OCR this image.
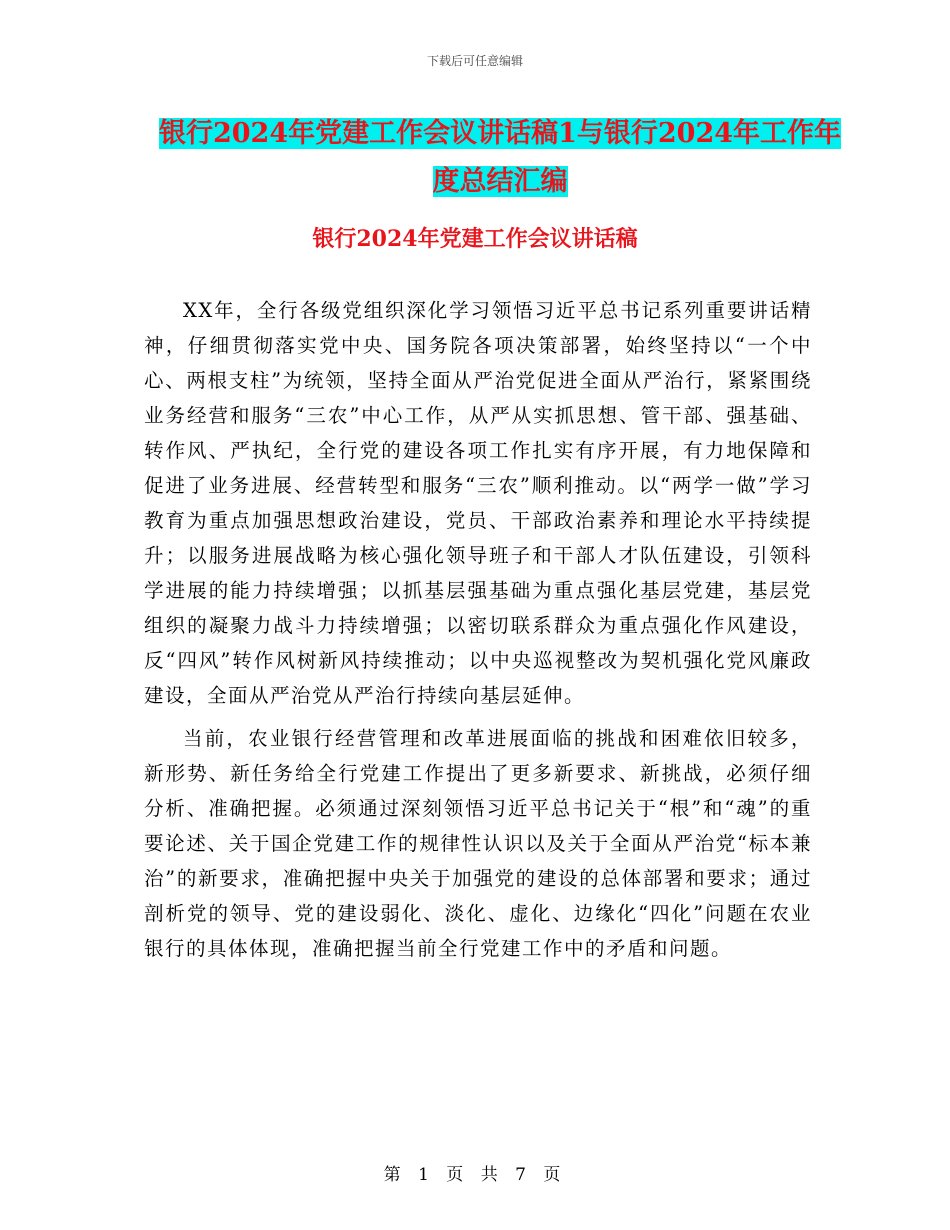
下载后可任意编辑
银行2024年党建工作会议讲话稿1与银行2024年工作年度总结汇编
银行2024年党建工作会议讲话稿

XX年，全行各级党组织深化学习领悟习近平总书记系列重要讲话精神，仔细贯彻落实党中央、国务院各项决策部署，始终坚持以“一个中心、两根支柱”为统领，坚持全面从严治党促进全面从严治行，紧紧围绕业务经营和服务“三农”中心工作，从严从实抓思想、管干部、强基础、转作风、严执纪，全行党的建设各项工作扎实有序开展，有力地保障和促进了业务进展、经营转型和服务“三农”顺利推动。以“两学一做”学习教育为重点加强思想政治建设，党员、干部政治素养和理论水平持续提升；以服务进展战略为核心强化领导班子和干部人才队伍建设，引领科学进展的能力持续增强；以抓基层强基础为重点强化基层党建，基层党组织的凝聚力战斗力持续增强；以密切联系群众为重点强化作风建设，反“四风”转作风树新风持续推动；以中央巡视整改为契机强化党风廉政建设，全面从严治党从严治行持续向基层延伸。

当前，农业银行经营管理和改革进展面临的挑战和困难依旧较多，新形势、新任务给全行党建工作提出了更多新要求、新挑战，必须仔细分析、准确把握。必须通过深刻领悟习近平总书记关于“根”和“魂”的重要论述、关于国企党建工作的规律性认识以及关于全面从严治党“标本兼治”的新要求，准确把握中央关于加强党的建设的总体部署和要求；通过剖析党的领导、党的建设弱化、淡化、虚化、边缘化“四化”问题在农业银行的具体体现，准确把握当前全行党建工作中的矛盾和问题。

第 1 页 共 7 页
